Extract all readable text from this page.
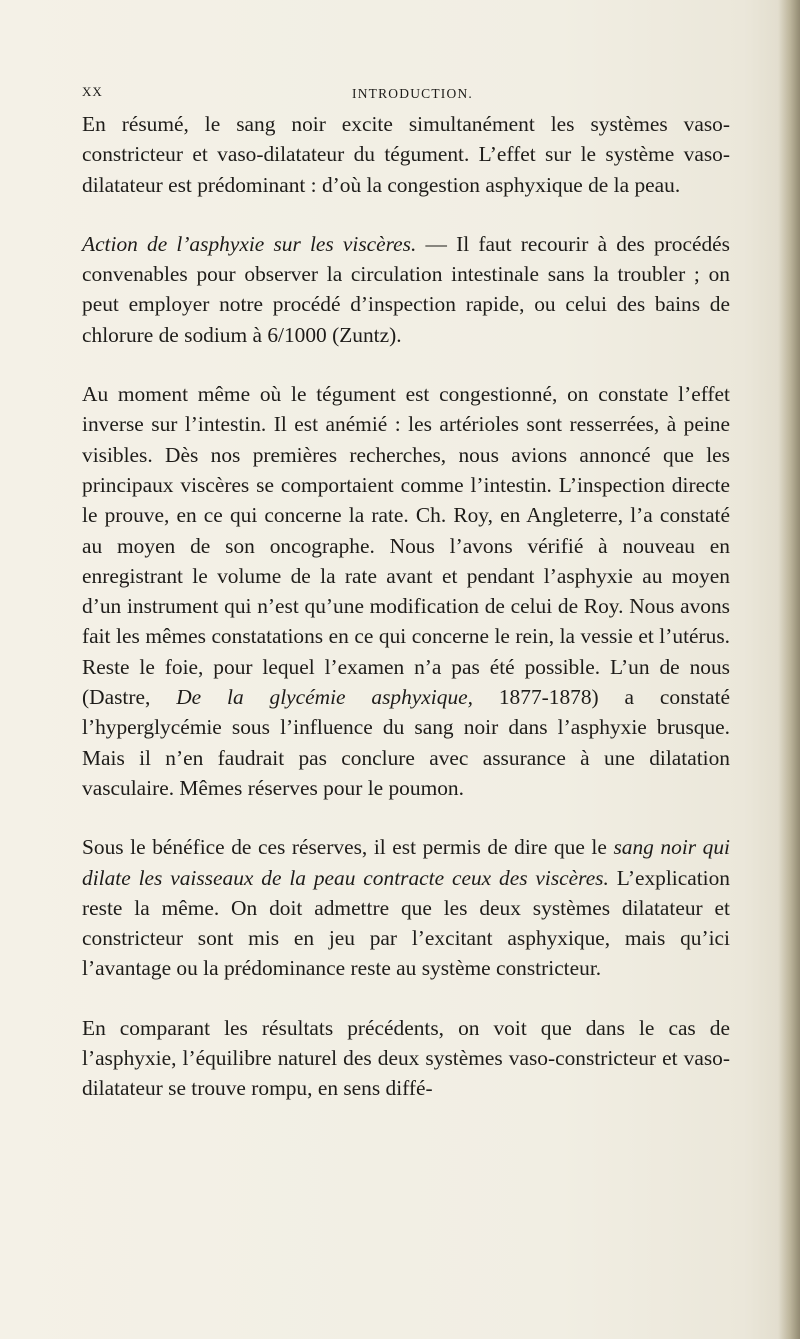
XX	INTRODUCTION.

En résumé, le sang noir excite simultanément les systèmes vaso-constricteur et vaso-dilatateur du tégument. L’effet sur le système vaso-dilatateur est prédominant : d’où la congestion asphyxique de la peau.

Action de l’asphyxie sur les viscères. — Il faut recourir à des procédés convenables pour observer la circulation intestinale sans la troubler ; on peut employer notre procédé d’inspection rapide, ou celui des bains de chlorure de sodium à 6/1000 (Zuntz).

Au moment même où le tégument est congestionné, on constate l’effet inverse sur l’intestin. Il est anémié : les artérioles sont resserrées, à peine visibles. Dès nos premières recherches, nous avions annoncé que les principaux viscères se comportaient comme l’intestin. L’inspection directe le prouve, en ce qui concerne la rate. Ch. Roy, en Angleterre, l’a constaté au moyen de son oncographe. Nous l’avons vérifié à nouveau en enregistrant le volume de la rate avant et pendant l’asphyxie au moyen d’un instrument qui n’est qu’une modification de celui de Roy. Nous avons fait les mêmes constatations en ce qui concerne le rein, la vessie et l’utérus. Reste le foie, pour lequel l’examen n’a pas été possible. L’un de nous (Dastre, De la glycémie asphyxique, 1877-1878) a constaté l’hyperglycémie sous l’influence du sang noir dans l’asphyxie brusque. Mais il n’en faudrait pas conclure avec assurance à une dilatation vasculaire. Mêmes réserves pour le poumon.

Sous le bénéfice de ces réserves, il est permis de dire que le sang noir qui dilate les vaisseaux de la peau contracte ceux des viscères. L’explication reste la même. On doit admettre que les deux systèmes dilatateur et constricteur sont mis en jeu par l’excitant asphyxique, mais qu’ici l’avantage ou la prédominance reste au système constricteur.

En comparant les résultats précédents, on voit que dans le cas de l’asphyxie, l’équilibre naturel des deux systèmes vaso-constricteur et vaso-dilatateur se trouve rompu, en sens diffé-
